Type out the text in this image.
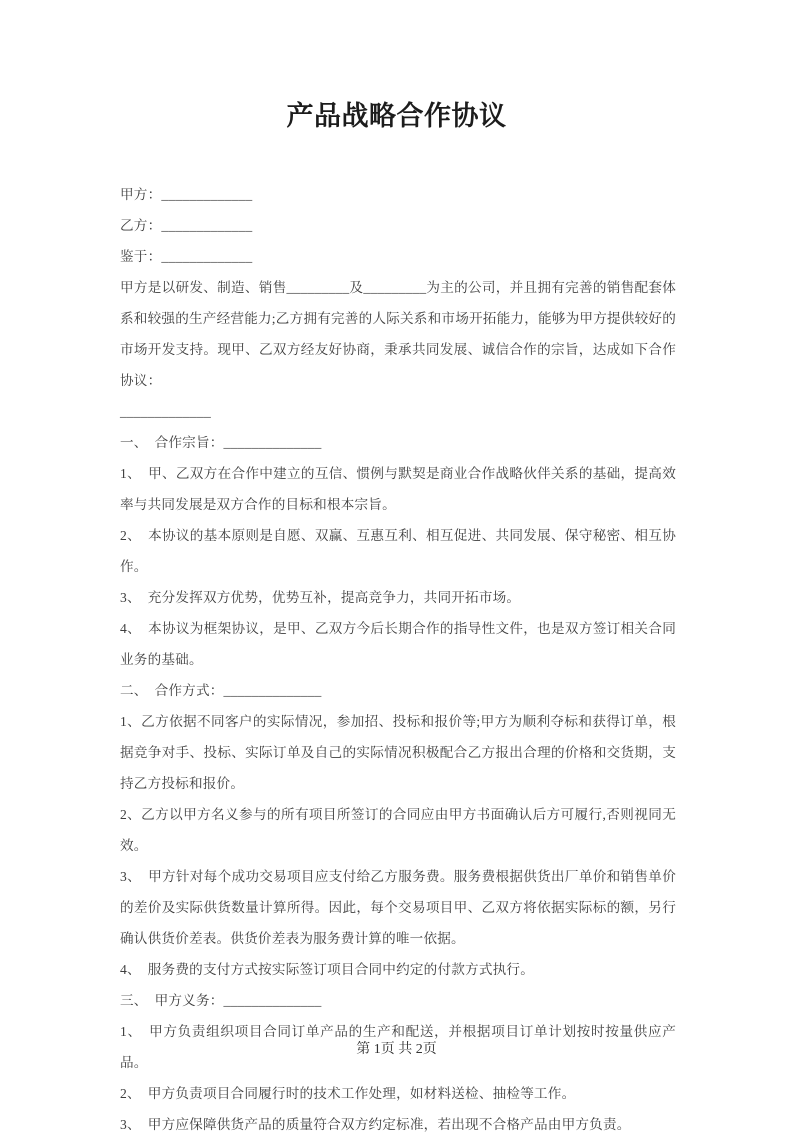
产品战略合作协议

甲方：_____________

乙方：_____________

鉴于：_____________

甲方是以研发、制造、销售_________及_________为主的公司，并且拥有完善的销售配套体系和较强的生产经营能力;乙方拥有完善的人际关系和市场开拓能力，能够为甲方提供较好的市场开发支持。现甲、乙双方经友好协商，秉承共同发展、诚信合作的宗旨，达成如下合作协议：

_____________

一、　合作宗旨：______________

1、 甲、乙双方在合作中建立的互信、惯例与默契是商业合作战略伙伴关系的基础，提高效率与共同发展是双方合作的目标和根本宗旨。

2、 本协议的基本原则是自愿、双赢、互惠互利、相互促进、共同发展、保守秘密、相互协作。

3、 充分发挥双方优势，优势互补，提高竞争力，共同开拓市场。

4、 本协议为框架协议，是甲、乙双方今后长期合作的指导性文件，也是双方签订相关合同业务的基础。

二、　合作方式：______________

1、乙方依据不同客户的实际情况，参加招、投标和报价等;甲方为顺利夺标和获得订单，根据竞争对手、投标、实际订单及自己的实际情况积极配合乙方报出合理的价格和交货期，支持乙方投标和报价。

2、乙方以甲方名义参与的所有项目所签订的合同应由甲方书面确认后方可履行,否则视同无效。

3、 甲方针对每个成功交易项目应支付给乙方服务费。服务费根据供货出厂单价和销售单价的差价及实际供货数量计算所得。因此，每个交易项目甲、乙双方将依据实际标的额，另行确认供货价差表。供货价差表为服务费计算的唯一依据。

4、 服务费的支付方式按实际签订项目合同中约定的付款方式执行。

三、　甲方义务：______________

1、 甲方负责组织项目合同订单产品的生产和配送，并根据项目订单计划按时按量供应产品。

2、 甲方负责项目合同履行时的技术工作处理，如材料送检、抽检等工作。

3、 甲方应保障供货产品的质量符合双方约定标准，若出现不合格产品由甲方负责。

第 1页 共 2页
